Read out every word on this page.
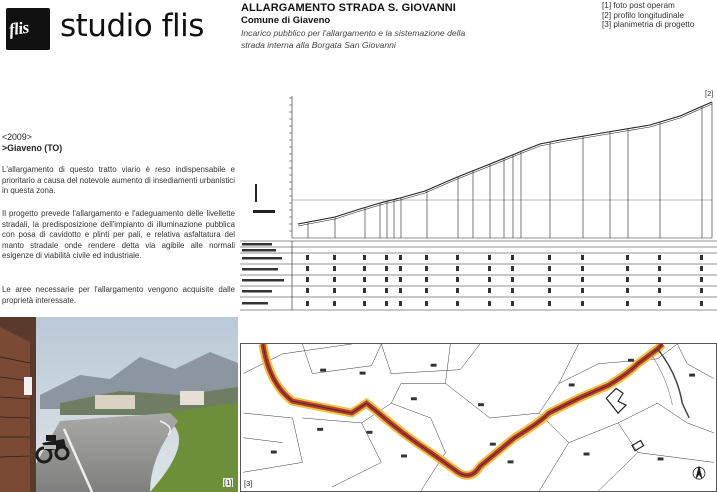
flis studio flis	ALLARGAMENTO STRADA S. GIOVANNI
Comune di Giaveno
Incarico pubblico per l'allargamento e la sistemazione della strada interna alla Borgata San Giovanni
[1] foto post operam
[2] profilo longitudinale
[3] planimetria di progetto
<2009>
>Giaveno (TO)

L'allargamento di questo tratto viario è reso indispensabile e prioritario a causa del notevole aumento di insediamenti urbanistici in questa zona.

Il progetto prevede l'allargamento e l'adeguamento delle livellette stradali, la predisposizione dell'impianto di illuminazione pubblica con posa di cavidotto e plinti per pali, e relativa asfaltatura del manto stradale onde rendere detta via agibile alle normali esigenze di viabilità civile ed industriale.

Le aree necessarie per l'allargamento vengono acquisite dalle proprietà interessate.

[2]
[1] [3]
